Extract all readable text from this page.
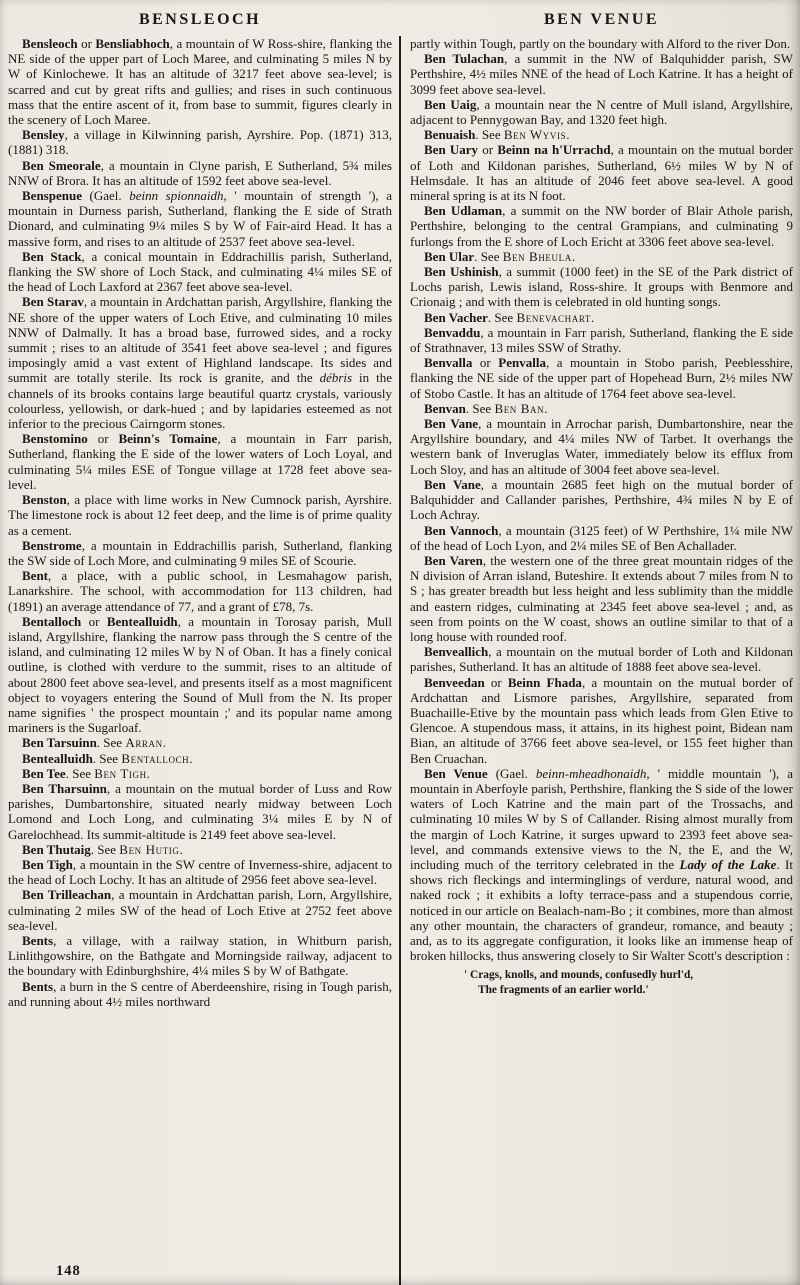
BENSLEOCH

Bensleoch or Bensliabhoch, a mountain of W Ross-shire, flanking the NE side of the upper part of Loch Maree, and culminating 5 miles N by W of Kinlochewe. It has an altitude of 3217 feet above sea-level; is scarred and cut by great rifts and gullies; and rises in such continuous mass that the entire ascent of it, from base to summit, figures clearly in the scenery of Loch Maree.

Bensley, a village in Kilwinning parish, Ayrshire. Pop. (1871) 313, (1881) 318.

Ben Smeorale, a mountain in Clyne parish, E Sutherland, 5¾ miles NNW of Brora. It has an altitude of 1592 feet above sea-level.

Benspenue (Gael. beinn spionnaidh, ' mountain of strength '), a mountain in Durness parish, Sutherland, flanking the E side of Strath Dionard, and culminating 9¼ miles S by W of Fair-aird Head. It has a massive form, and rises to an altitude of 2537 feet above sea-level.

Ben Stack, a conical mountain in Eddrachillis parish, Sutherland, flanking the SW shore of Loch Stack, and culminating 4¼ miles SE of the head of Loch Laxford at 2367 feet above sea-level.

Ben Starav, a mountain in Ardchattan parish, Argyllshire, flanking the NE shore of the upper waters of Loch Etive, and culminating 10 miles NNW of Dalmally. It has a broad base, furrowed sides, and a rocky summit ; rises to an altitude of 3541 feet above sea-level ; and figures imposingly amid a vast extent of Highland landscape. Its sides and summit are totally sterile. Its rock is granite, and the débris in the channels of its brooks contains large beautiful quartz crystals, variously colourless, yellowish, or dark-hued ; and by lapidaries esteemed as not inferior to the precious Cairngorm stones.

Benstomino or Beinn's Tomaine, a mountain in Farr parish, Sutherland, flanking the E side of the lower waters of Loch Loyal, and culminating 5¼ miles ESE of Tongue village at 1728 feet above sea-level.

Benston, a place with lime works in New Cumnock parish, Ayrshire. The limestone rock is about 12 feet deep, and the lime is of prime quality as a cement.

Benstrome, a mountain in Eddrachillis parish, Sutherland, flanking the SW side of Loch More, and culminating 9 miles SE of Scourie.

Bent, a place, with a public school, in Lesmahagow parish, Lanarkshire. The school, with accommodation for 113 children, had (1891) an average attendance of 77, and a grant of £78, 7s.

Bentalloch or Bentealluidh, a mountain in Torosay parish, Mull island, Argyllshire, flanking the narrow pass through the S centre of the island, and culminating 12 miles W by N of Oban. It has a finely conical outline, is clothed with verdure to the summit, rises to an altitude of about 2800 feet above sea-level, and presents itself as a most magnificent object to voyagers entering the Sound of Mull from the N. Its proper name signifies ' the prospect mountain ;' and its popular name among mariners is the Sugarloaf.

Ben Tarsuinn. See Arran.

Bentealluidh. See Bentalloch.

Ben Tee. See Ben Tigh.

Ben Tharsuinn, a mountain on the mutual border of Luss and Row parishes, Dumbartonshire, situated nearly midway between Loch Lomond and Loch Long, and culminating 3¼ miles E by N of Garelochhead. Its summit-altitude is 2149 feet above sea-level.

Ben Thutaig. See Ben Hutig.

Ben Tigh, a mountain in the SW centre of Inverness-shire, adjacent to the head of Loch Lochy. It has an altitude of 2956 feet above sea-level.

Ben Trilleachan, a mountain in Ardchattan parish, Lorn, Argyllshire, culminating 2 miles SW of the head of Loch Etive at 2752 feet above sea-level.

Bents, a village, with a railway station, in Whitburn parish, Linlithgowshire, on the Bathgate and Morningside railway, adjacent to the boundary with Edinburghshire, 4¼ miles S by W of Bathgate.

Bents, a burn in the S centre of Aberdeenshire, rising in Tough parish, and running about 4½ miles northward

BEN VENUE

partly within Tough, partly on the boundary with Alford to the river Don.

Ben Tulachan, a summit in the NW of Balquhidder parish, SW Perthshire, 4½ miles NNE of the head of Loch Katrine. It has a height of 3099 feet above sea-level.

Ben Uaig, a mountain near the N centre of Mull island, Argyllshire, adjacent to Pennygowan Bay, and 1320 feet high.

Benuaish. See Ben Wyvis.

Ben Uary or Beinn na h'Urrachd, a mountain on the mutual border of Loth and Kildonan parishes, Sutherland, 6½ miles W by N of Helmsdale. It has an altitude of 2046 feet above sea-level. A good mineral spring is at its N foot.

Ben Udlaman, a summit on the NW border of Blair Athole parish, Perthshire, belonging to the central Grampians, and culminating 9 furlongs from the E shore of Loch Ericht at 3306 feet above sea-level.

Ben Ular. See Ben Bheula.

Ben Ushinish, a summit (1000 feet) in the SE of the Park district of Lochs parish, Lewis island, Ross-shire. It groups with Benmore and Crionaig ; and with them is celebrated in old hunting songs.

Ben Vacher. See Benevachart.

Benvaddu, a mountain in Farr parish, Sutherland, flanking the E side of Strathnaver, 13 miles SSW of Strathy.

Benvalla or Penvalla, a mountain in Stobo parish, Peeblesshire, flanking the NE side of the upper part of Hopehead Burn, 2½ miles NW of Stobo Castle. It has an altitude of 1764 feet above sea-level.

Benvan. See Ben Ban.

Ben Vane, a mountain in Arrochar parish, Dumbartonshire, near the Argyllshire boundary, and 4¼ miles NW of Tarbet. It overhangs the western bank of Inveruglas Water, immediately below its efflux from Loch Sloy, and has an altitude of 3004 feet above sea-level.

Ben Vane, a mountain 2685 feet high on the mutual border of Balquhidder and Callander parishes, Perthshire, 4¾ miles N by E of Loch Achray.

Ben Vannoch, a mountain (3125 feet) of W Perthshire, 1¼ mile NW of the head of Loch Lyon, and 2¼ miles SE of Ben Achallader.

Ben Varen, the western one of the three great mountain ridges of the N division of Arran island, Buteshire. It extends about 7 miles from N to S ; has greater breadth but less height and less sublimity than the middle and eastern ridges, culminating at 2345 feet above sea-level ; and, as seen from points on the W coast, shows an outline similar to that of a long house with rounded roof.

Benveallich, a mountain on the mutual border of Loth and Kildonan parishes, Sutherland. It has an altitude of 1888 feet above sea-level.

Benveedan or Beinn Fhada, a mountain on the mutual border of Ardchattan and Lismore parishes, Argyllshire, separated from Buachaille-Etive by the mountain pass which leads from Glen Etive to Glencoe. A stupendous mass, it attains, in its highest point, Bidean nam Bian, an altitude of 3766 feet above sea-level, or 155 feet higher than Ben Cruachan.

Ben Venue (Gael. beinn-mheadhonaidh, ' middle mountain '), a mountain in Aberfoyle parish, Perthshire, flanking the S side of the lower waters of Loch Katrine and the main part of the Trossachs, and culminating 10 miles W by S of Callander. Rising almost murally from the margin of Loch Katrine, it surges upward to 2393 feet above sea-level, and commands extensive views to the N, the E, and the W, including much of the territory celebrated in the Lady of the Lake. It shows rich fleckings and interminglings of verdure, natural wood, and naked rock ; it exhibits a lofty terrace-pass and a stupendous corrie, noticed in our article on Bealach-nam-Bo ; it combines, more than almost any other mountain, the characters of grandeur, romance, and beauty ; and, as to its aggregate configuration, it looks like an immense heap of broken hillocks, thus answering closely to Sir Walter Scott's description :

' Crags, knolls, and mounds, confusedly hurl'd,
The fragments of an earlier world.'
148
